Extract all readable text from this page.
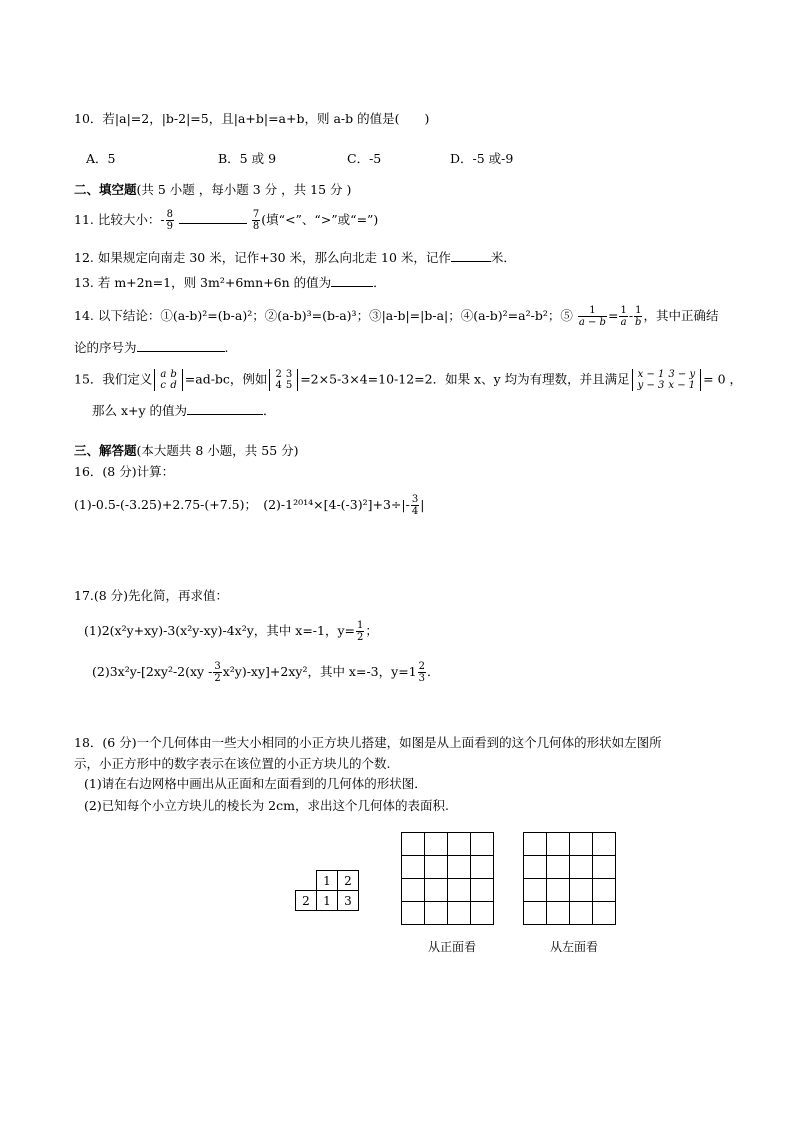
10．若|a|=2，|b-2|=5，且|a+b|=a+b，则 a-b 的值是(　　)
A．5	B．5 或 9	C．-5	D．-5 或-9
二、填空题(共 5 小题 ，每小题 3 分 ，共 15 分 )
11. 比较大小：- $\frac{8}{9}$
	$\frac{7}{8}$ (填“<”、“>”或“=”)
12. 如果规定向南走 30 米，记作+30 米，那么向北走 10 米，记作	米．
13. 若 m+2n=1，则 3m²+6mn+6n 的值为	．
14. 以下结论：①(a-b)²=(b-a)²；②(a-b)³=(b-a)³；③|a-b|=|b-a|；④(a-b)²=a²-b²；⑤ $\frac{1}{a - b} = \frac{1}{a} - \frac{1}{b}$ ，其中正确结
论的序号为	.
15．我们定义 a	b
c	d =ad-bc，例如 2	3
4	5 =2×5-3×4=10-12=2．如果 x、y 均为有理数，并且满足 x − 1	3 − y
y − 3	x − 1 = 0 ，
那么 x+y 的值为	．
三、解答题(本大题共 8 小题，共 55 分)
16．(8 分)计算：
(1)-0.5-(-3.25)+2.75-(+7.5)；　$(2)-1^{2014}\times[4-(-3)^2]+3\div|- \frac{3}{4}$ |
17.(8 分)先化简，再求值：
(1)2(x²y+xy)-3(x²y-xy)-4x²y，其中 x=-1，$y= \frac{1}{2}$ ；
$(2)3x^2y-[2xy^2-2(xy - \frac{3}{2} x^2y)-xy]+2xy^2$，其中 x=-3，$y=1 \frac{2}{3}$ ．
18．(6 分)一个几何体由一些大小相同的小正方块儿搭建，如图是从上面看到的这个几何体的形状如左图所
示，小正方形中的数字表示在该位置的小正方块儿的个数.
(1)请在右边网格中画出从正面和左面看到的几何体的形状图．
(2)已知每个小立方块儿的棱长为 2cm，求出这个几何体的表面积.
	1	2
2	1	3

从正面看

				从左面看
